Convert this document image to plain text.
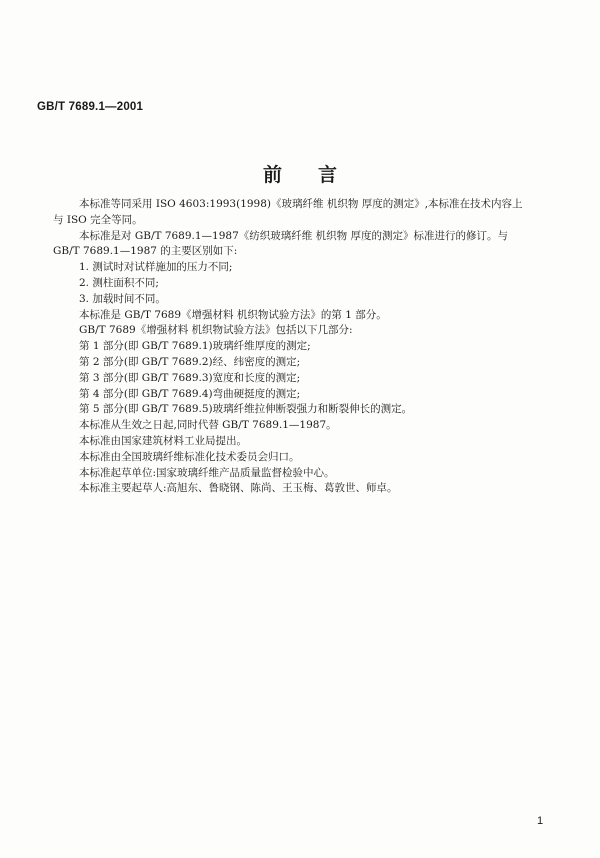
GB/T 7689.1—2001
前言
本标准等同采用 ISO 4603:1993(1998)《玻璃纤维 机织物 厚度的测定》,本标准在技术内容上
与 ISO 完全等同。
本标准是对 GB/T 7689.1—1987《纺织玻璃纤维 机织物 厚度的测定》标准进行的修订。与
GB/T 7689.1—1987 的主要区别如下:
1. 测试时对试样施加的压力不同;
2. 测柱面积不同;
3. 加载时间不同。
本标准是 GB/T 7689《增强材料 机织物试验方法》的第 1 部分。
GB/T 7689《增强材料 机织物试验方法》包括以下几部分:
第 1 部分(即 GB/T 7689.1)玻璃纤维厚度的测定;
第 2 部分(即 GB/T 7689.2)经、纬密度的测定;
第 3 部分(即 GB/T 7689.3)宽度和长度的测定;
第 4 部分(即 GB/T 7689.4)弯曲硬挺度的测定;
第 5 部分(即 GB/T 7689.5)玻璃纤维拉伸断裂强力和断裂伸长的测定。
本标准从生效之日起,同时代替 GB/T 7689.1—1987。
本标准由国家建筑材料工业局提出。
本标准由全国玻璃纤维标准化技术委员会归口。
本标准起草单位:国家玻璃纤维产品质量监督检验中心。
本标准主要起草人:高旭东、鲁晓钢、陈尚、王玉梅、葛敦世、师卓。
1
